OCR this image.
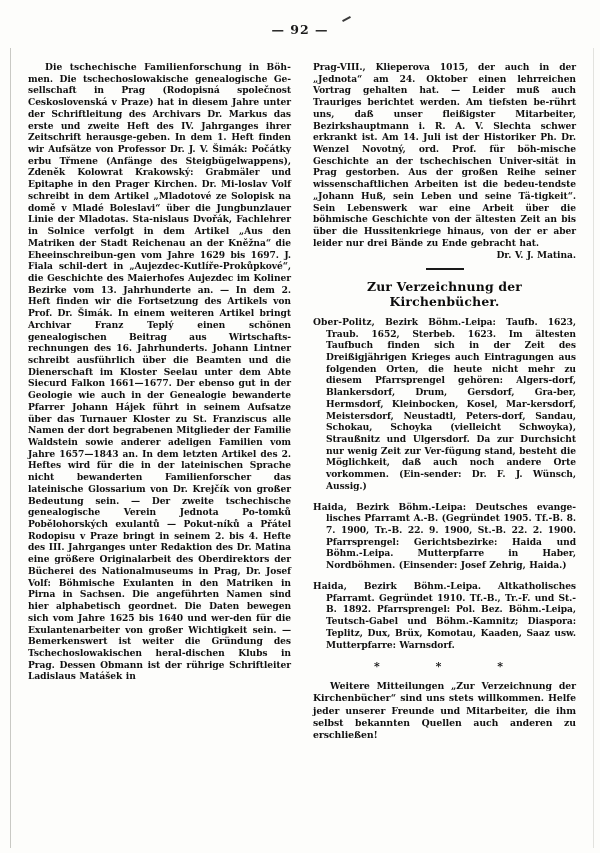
— 92 —

Die tschechische Familienforschung in Böh-men. Die tschechoslowakische genealogische Ge-sellschaft in Prag (Rodopisná společnost Ceskoslovenská v Praze) hat in diesem Jahre unter der Schriftleitung des Archivars Dr. Markus das erste und zweite Heft des IV. Jahrganges ihrer Zeitschrift herausge-geben. In dem 1. Heft finden wir Aufsätze von Professor Dr. J. V. Šimák: Počátky erbu Třmene (Anfänge des Steigbügelwappens), Zdeněk Kolowrat Krakowský: Grabmäler und Epitaphe in den Prager Kirchen. Dr. Mi-loslav Volf schreibt in dem Artikel „Mladotové ze Solopisk na domě v Mladé Boleslavi“ über die Jungbunzlauer Linie der Mladotas. Sta-nislaus Dvořák, Fachlehrer in Solnice verfolgt in dem Artikel „Aus den Matriken der Stadt Reichenau an der Kněžna“ die Eheeinschreibun-gen vom Jahre 1629 bis 1697. J. Fiala schil-dert in „Aujezdec-Kutlíře-Prokůpkové“, die Geschichte des Maierhofes Aujezdec im Koliner Bezirke vom 13. Jahrhunderte an. — In dem 2. Heft finden wir die Fortsetzung des Artikels von Prof. Dr. Šimák. In einem weiteren Artikel bringt Archivar Franz Teplý einen schönen genealogischen Beitrag aus Wirtschafts-rechnungen des 16. Jahrhunderts. Johann Lintner schreibt ausführlich über die Beamten und die Dienerschaft im Kloster Seelau unter dem Abte Siecurd Falkon 1661—1677. Der ebenso gut in der Geologie wie auch in der Genealogie bewanderte Pfarrer Johann Hájek führt in seinem Aufsatze über das Turnauer Kloster zu St. Franziscus alle Namen der dort begrabenen Mitglieder der Familie Waldstein sowie anderer adeligen Familien vom Jahre 1657—1843 an. In dem letzten Artikel des 2. Heftes wird für die in der lateinischen Sprache nicht bewanderten Familienforscher das lateinische Glossarium von Dr. Krejčík von großer Bedeutung sein. — Der zweite tschechische genealogische Verein Jednota Po-tomků Pobělohorských exulantů — Pokut-níků a Přátel Rodopisu v Praze bringt in seinem 2. bis 4. Hefte des III. Jahrganges unter Redaktion des Dr. Matina eine größere Originalarbeit des Oberdirektors der Bücherei des Nationalmuseums in Prag, Dr. Josef Volf: Böhmische Exulanten in den Matriken in Pirna in Sachsen. Die angeführten Namen sind hier alphabetisch geordnet. Die Daten bewegen sich vom Jahre 1625 bis 1640 und wer-den für die Exulantenarbeiter von großer Wichtigkeit sein. — Bemerkenswert ist weiter die Gründung des Tschechoslowakischen heral-dischen Klubs in Prag. Dessen Obmann ist der rührige Schriftleiter Ladislaus Matášek in

Prag-VIII., Klieperova 1015, der auch in der „Jednota“ am 24. Oktober einen lehrreichen Vortrag gehalten hat. — Leider muß auch Trauriges berichtet werden. Am tiefsten be-rührt uns, daß unser fleißigster Mitarbeiter, Bezirkshauptmann i. R. A. V. Slechta schwer erkrankt ist. Am 14. Juli ist der Historiker Ph. Dr. Wenzel Novotný, ord. Prof. für böh-mische Geschichte an der tschechischen Univer-sität in Prag gestorben. Aus der großen Reihe seiner wissenschaftlichen Arbeiten ist die bedeu-tendste „Johann Huß, sein Leben und seine Tä-tigkeit“. Sein Lebenswerk war eine Arbeit über die böhmische Geschichte von der ältesten Zeit an bis über die Hussitenkriege hinaus, von der er aber leider nur drei Bände zu Ende gebracht hat.
Dr. V. J. Matina.

Zur Verzeichnung der Kirchenbücher.

Ober-Politz, Bezirk Böhm.-Leipa: Taufb. 1623, Traub. 1652, Sterbeb. 1623. Im ältesten Taufbuch finden sich in der Zeit des Dreißigjährigen Krieges auch Eintragungen aus folgenden Orten, die heute nicht mehr zu diesem Pfarrsprengel gehören: Algers-dorf, Blankersdorf, Drum, Gersdorf, Gra-ber, Hermsdorf, Kleinbocken, Kosel, Mar-kersdorf, Meistersdorf, Neustadtl, Peters-dorf, Sandau, Schokau, Schoyka (vielleicht Schwoyka), Straußnitz und Ulgersdorf. Da zur Durchsicht nur wenig Zeit zur Ver-fügung stand, besteht die Möglichkeit, daß auch noch andere Orte vorkommen. (Ein-sender: Dr. F. J. Wünsch, Aussig.)

Haida, Bezirk Böhm.-Leipa: Deutsches evange-lisches Pfarramt A.-B. (Gegründet 1905. Tf.-B. 8. 7. 1900, Tr.-B. 22. 9. 1900, St.-B. 22. 2. 1900. Pfarrsprengel: Gerichtsbezirke: Haida und Böhm.-Leipa. Mutterpfarre in Haber, Nordböhmen. (Einsender: Josef Zehrig, Haida.)

Haida, Bezirk Böhm.-Leipa. Altkatholisches Pfarramt. Gegründet 1910. Tf.-B., Tr.-F. und St.-B. 1892. Pfarrsprengel: Pol. Bez. Böhm.-Leipa, Teutsch-Gabel und Böhm.-Kamnitz; Diaspora: Teplitz, Dux, Brüx, Komotau, Kaaden, Saaz usw. Mutterpfarre: Warnsdorf.

* * *

Weitere Mitteilungen „Zur Verzeichnung der Kirchenbücher“ sind uns stets willkommen. Helfe jeder unserer Freunde und Mitarbeiter, die ihm selbst bekannten Quellen auch anderen zu erschließen!
